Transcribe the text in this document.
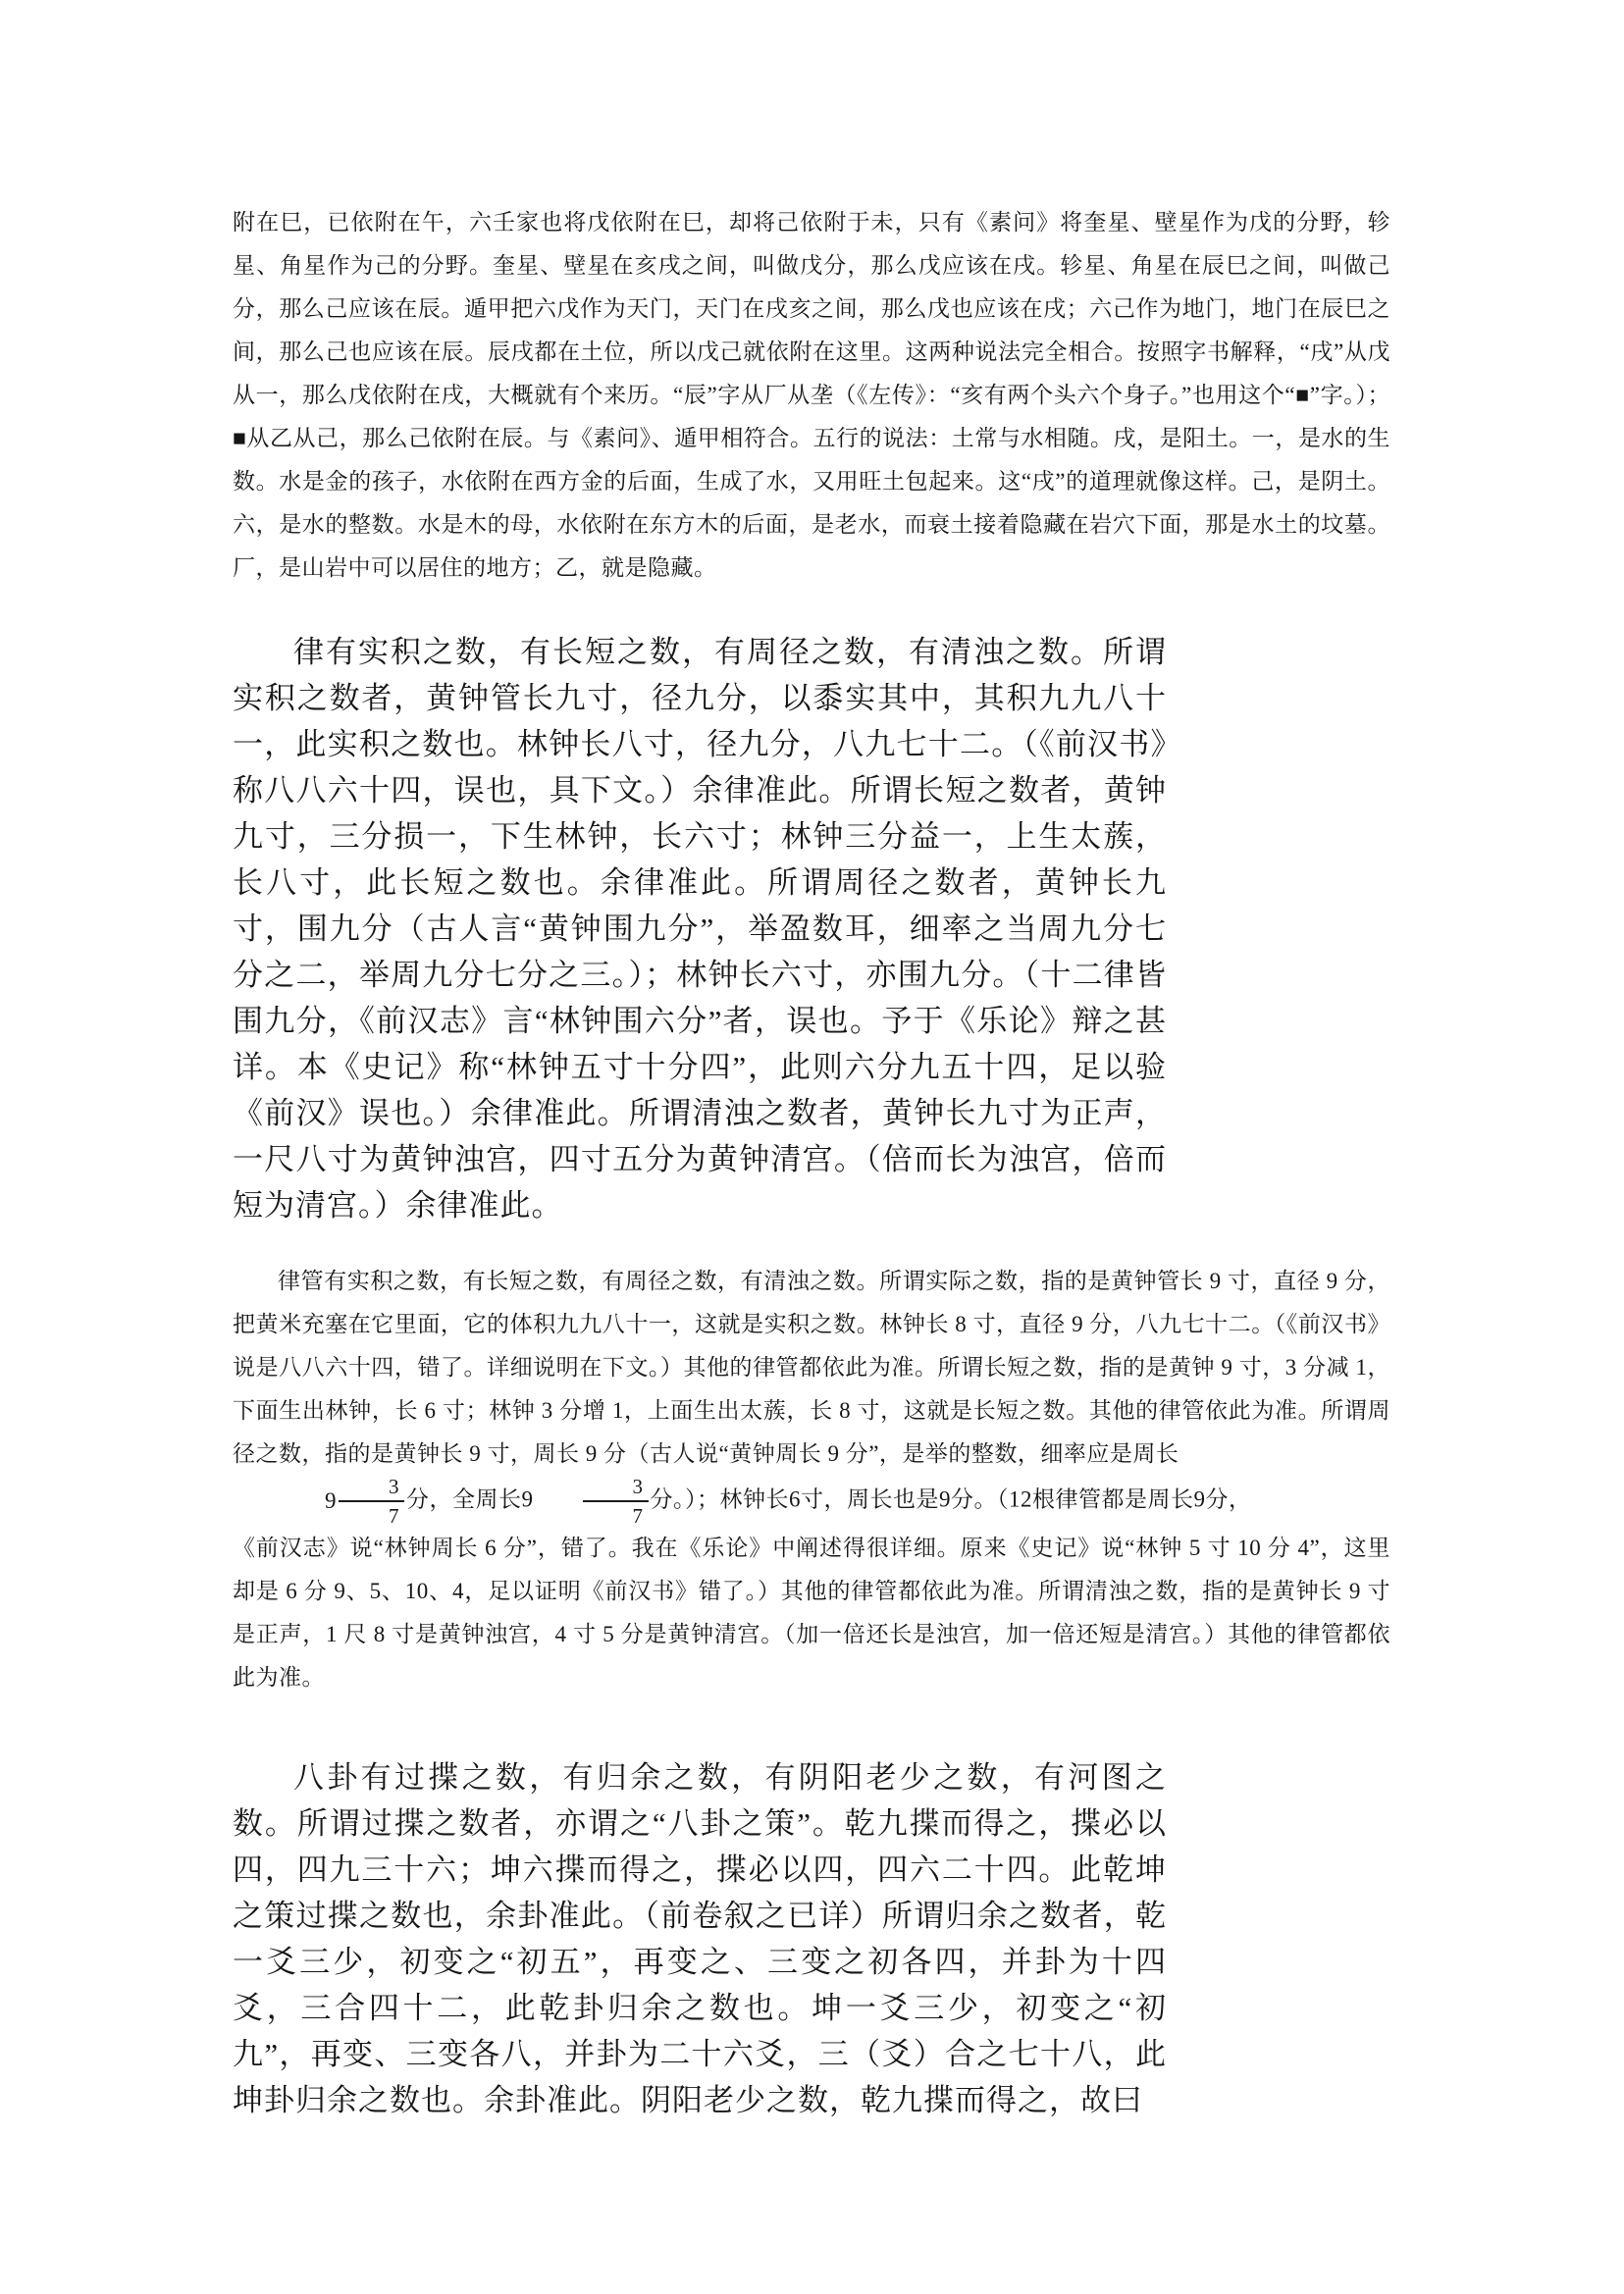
附在巳，已依附在午，六壬家也将戊依附在巳，却将己依附于未，只有《素问》将奎星、壁星作为戊的分野，轸星、角星作为己的分野。奎星、壁星在亥戌之间，叫做戊分，那么戊应该在戌。轸星、角星在辰巳之间，叫做己分，那么己应该在辰。遁甲把六戊作为天门，天门在戌亥之间，那么戊也应该在戌；六己作为地门，地门在辰巳之间，那么己也应该在辰。辰戌都在土位，所以戊己就依附在这里。这两种说法完全相合。按照字书解释，“戌”从戊从一，那么戊依附在戌，大概就有个来历。“辰”字从厂从垄（《左传》：“亥有两个头六个身子。”也用这个“■”字。）；■从乙从己，那么己依附在辰。与《素问》、遁甲相符合。五行的说法：土常与水相随。戌，是阳土。一，是水的生数。水是金的孩子，水依附在西方金的后面，生成了水，又用旺土包起来。这“戌”的道理就像这样。己，是阴土。六，是水的整数。水是木的母，水依附在东方木的后面，是老水，而衰土接着隐藏在岩穴下面，那是水土的坟墓。厂，是山岩中可以居住的地方；乙，就是隐藏。

律有实积之数，有长短之数，有周径之数，有清浊之数。所谓实积之数者，黄钟管长九寸，径九分，以黍实其中，其积九九八十一，此实积之数也。林钟长八寸，径九分，八九七十二。（《前汉书》称八八六十四，误也，具下文。）余律准此。所谓长短之数者，黄钟九寸，三分损一，下生林钟，长六寸；林钟三分益一，上生太蔟，长八寸，此长短之数也。余律准此。所谓周径之数者，黄钟长九寸，围九分（古人言“黄钟围九分”，举盈数耳，细率之当周九分七分之二，举周九分七分之三。）；林钟长六寸，亦围九分。（十二律皆围九分，《前汉志》言“林钟围六分”者，误也。予于《乐论》辩之甚详。本《史记》称“林钟五寸十分四”，此则六分九五十四，足以验《前汉》误也。）余律准此。所谓清浊之数者，黄钟长九寸为正声，一尺八寸为黄钟浊宫，四寸五分为黄钟清宫。（倍而长为浊宫，倍而短为清宫。）余律准此。

律管有实积之数，有长短之数，有周径之数，有清浊之数。所谓实际之数，指的是黄钟管长 9 寸，直径 9 分，把黄米充塞在它里面，它的体积九九八十一，这就是实积之数。林钟长 8 寸，直径 9 分，八九七十二。（《前汉书》说是八八六十四，错了。详细说明在下文。）其他的律管都依此为准。所谓长短之数，指的是黄钟 9 寸，3 分减 1，下面生出林钟，长 6 寸；林钟 3 分增 1，上面生出太蔟，长 8 寸，这就是长短之数。其他的律管依此为准。所谓周径之数，指的是黄钟长 9 寸，周长 9 分（古人说“黄钟周长 9 分”，是举的整数，细率应是周长
$9 \frac{3}{7}$ 分，全周长$9 \frac{3}{7}$ 分。）；林钟长6寸，周长也是9分。（12根律管都是周长9分，
《前汉志》说“林钟周长 6 分”，错了。我在《乐论》中阐述得很详细。原来《史记》说“林钟 5 寸 10 分 4”，这里却是 6 分 9、5、10、4，足以证明《前汉书》错了。）其他的律管都依此为准。所谓清浊之数，指的是黄钟长 9 寸是正声，1 尺 8 寸是黄钟浊宫，4 寸 5 分是黄钟清宫。（加一倍还长是浊宫，加一倍还短是清宫。）其他的律管都依此为准。

八卦有过揲之数，有归余之数，有阴阳老少之数，有河图之数。所谓过揲之数者，亦谓之“八卦之策”。乾九揲而得之，揲必以四，四九三十六；坤六揲而得之，揲必以四，四六二十四。此乾坤之策过揲之数也，余卦准此。（前卷叙之已详）所谓归余之数者，乾一爻三少，初变之“初五”，再变之、三变之初各四，并卦为十四爻，三合四十二，此乾卦归余之数也。坤一爻三少，初变之“初九”，再变、三变各八，并卦为二十六爻，三（爻）合之七十八，此坤卦归余之数也。余卦准此。阴阳老少之数，乾九揲而得之，故曰
